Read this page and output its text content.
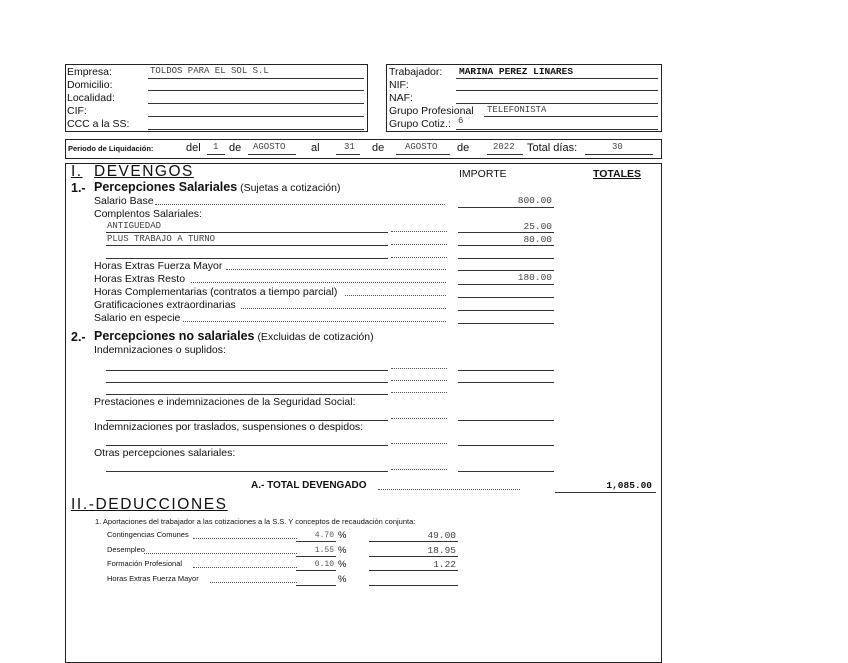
Empresa:	TOLDOS PARA EL SOL S.L
Domicilio:
Localidad:
CIF:
CCC a la SS:
Trabajador: MARINA PEREZ LINARES
NIF:
NAF:
Grupo Profesional TELEFONISTA
Grupo Cotiz.: 6
Periodo de Liquidación:	del 1 de AGOSTO al	31 de AGOSTO de	2022 Total días:	30
I. DEVENGOS	IMPORTE	TOTALES
1.- Percepciones Salariales (Sujetas a cotización)
Salario Base	800.00
Complentos Salariales:
ANTIGUEDAD	25.00
PLUS TRABAJO A TURNO	80.00
Horas Extras Fuerza Mayor
Horas Extras Resto	180.00
Horas Complementarias (contratos a tiempo parcial)
Gratificaciones extraordinarias
Salario en especie
2.- Percepciones no salariales (Excluidas de cotización)
Indemnizaciones o suplidos:
Prestaciones e indemnizaciones de la Seguridad Social:
Indemnizaciones por traslados, suspensiones o despidos:
Otras percepciones salariales:
A.- TOTAL DEVENGADO	1,085.00
II.-DEDUCCIONES
1. Aportaciones del trabajador a las cotizaciones a la S.S. Y conceptos de recaudación conjunta:
Contingencias Comunes	4.70 %	49.00
Desempleo	1.55 %	18.95
Formación Profesional	0.10 %	1.22
Horas Extras Fuerza Mayor	%
